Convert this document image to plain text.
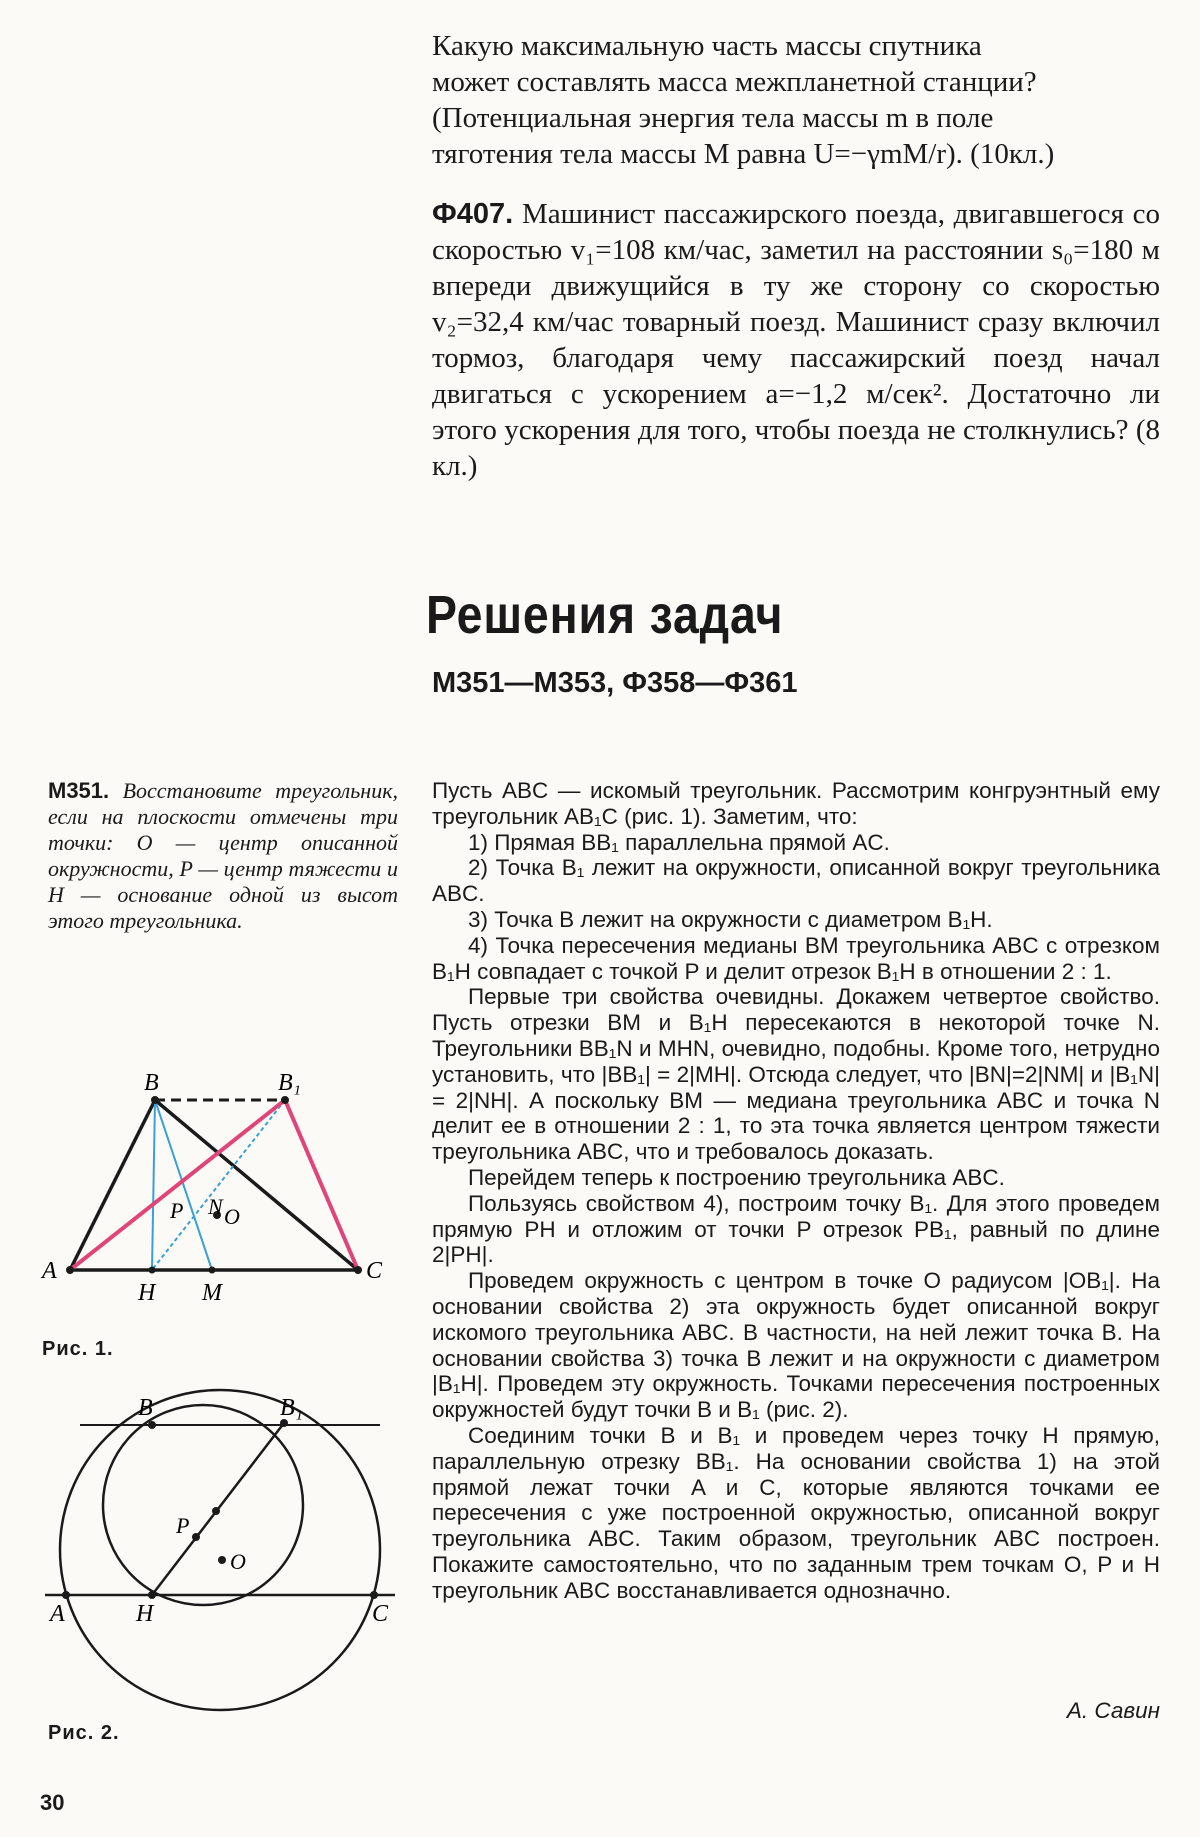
Какую максимальную часть массы спутника
может составлять масса межпланетной станции?
(Потенциальная энергия тела массы m в поле
тяготения тела массы M равна U=−γmM/r). (10кл.)

Ф407. Машинист пассажирского поезда, двигавшегося со скоростью v₁=108 км/час, заметил на расстоянии s₀=180 м впереди движущийся в ту же сторону со скоростью v₂=32,4 км/час товарный поезд. Машинист сразу включил тормоз, благодаря чему пассажирский поезд начал двигаться с ускорением a=−1,2 м/сек². Достаточно ли этого ускорения для того, чтобы поезда не столкнулись? (8 кл.)

Решения задач
М351—М353, Ф358—Ф361
М351. Восстановите треугольник, если на плоскости отмечены три точки: O — центр описанной окружности, P — центр тяжести и H — основание одной из высот этого треугольника.

Пусть ABC — искомый треугольник. Рассмотрим конгруэнтный ему треугольник AB₁C (рис. 1). Заметим, что:

1) Прямая BB₁ параллельна прямой AC.

2) Точка B₁ лежит на окружности, описанной вокруг треугольника ABC.

3) Точка B лежит на окружности с диаметром B₁H.

4) Точка пересечения медианы BM треугольника ABC с отрезком B₁H совпадает с точкой P и делит отрезок B₁H в отношении 2 : 1.

Первые три свойства очевидны. Докажем четвертое свойство. Пусть отрезки BM и B₁H пересекаются в некоторой точке N. Треугольники BB₁N и MHN, очевидно, подобны. Кроме того, нетрудно установить, что |BB₁| = 2|MH|. Отсюда следует, что |BN|=2|NM| и |B₁N| = 2|NH|. А поскольку BM — медиана треугольника ABC и точка N делит ее в отношении 2 : 1, то эта точка является центром тяжести треугольника ABC, что и требовалось доказать.

Перейдем теперь к построению треугольника ABC.

Пользуясь свойством 4), построим точку B₁. Для этого проведем прямую PH и отложим от точки P отрезок PB₁, равный по длине 2|PH|.

Проведем окружность с центром в точке O радиусом |OB₁|. На основании свойства 2) эта окружность будет описанной вокруг искомого треугольника ABC. В частности, на ней лежит точка B. На основании свойства 3) точка B лежит и на окружности с диаметром |B₁H|. Проведем эту окружность. Точками пересечения построенных окружностей будут точки B и B₁ (рис. 2).

Соединим точки B и B₁ и проведем через точку H прямую, параллельную отрезку BB₁. На основании свойства 1) на этой прямой лежат точки A и C, которые являются точками ее пересечения с уже построенной окружностью, описанной вокруг треугольника ABC. Таким образом, треугольник ABC построен. Покажите самостоятельно, что по заданным трем точкам O, P и H треугольник ABC восстанавливается однозначно.

А. Савин
A
B	B₁
C
H M
P N O
Рис. 1.
B	B₁
A	C
H
P
O
Рис. 2.
30
